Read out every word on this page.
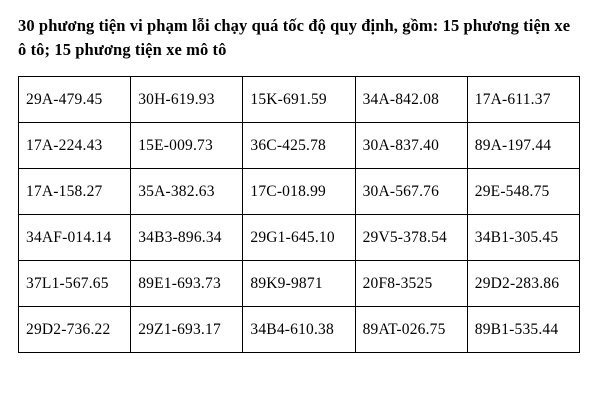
30 phương tiện vi phạm lỗi chạy quá tốc độ quy định, gồm: 15 phương tiện xe ô tô; 15 phương tiện xe mô tô

29A-479.45	30H-619.93	15K-691.59	34A-842.08	17A-611.37
17A-224.43	15E-009.73	36C-425.78	30A-837.40	89A-197.44
17A-158.27	35A-382.63	17C-018.99	30A-567.76	29E-548.75
34AF-014.14	34B3-896.34	29G1-645.10	29V5-378.54	34B1-305.45
37L1-567.65	89E1-693.73	89K9-9871	20F8-3525	29D2-283.86
29D2-736.22	29Z1-693.17	34B4-610.38	89AT-026.75	89B1-535.44
